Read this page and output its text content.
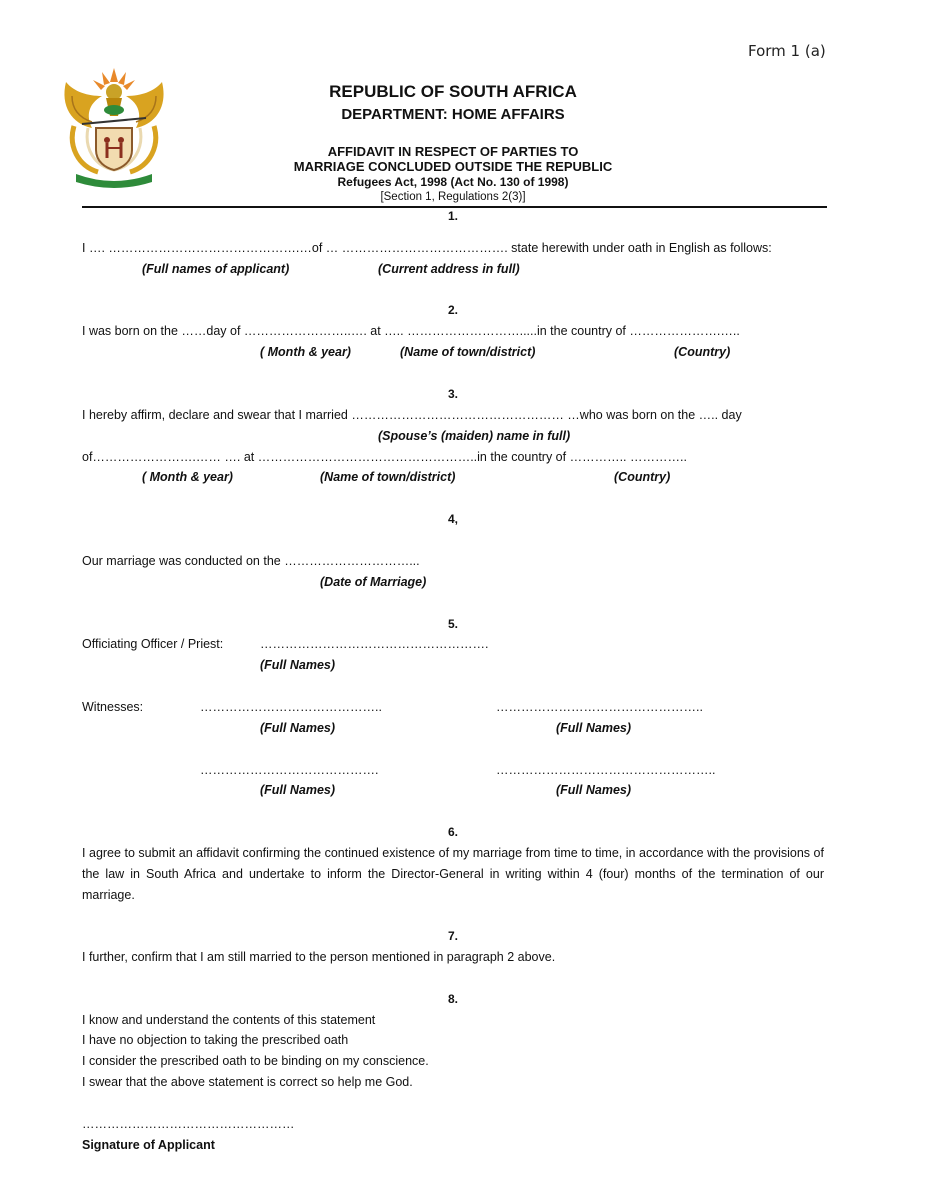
Form 1 (a)
REPUBLIC OF SOUTH AFRICA
DEPARTMENT: HOME AFFAIRS
AFFIDAVIT IN RESPECT OF PARTIES TO
MARRIAGE CONCLUDED OUTSIDE THE REPUBLIC
Refugees Act, 1998 (Act No. 130 of 1998)
[Section 1, Regulations 2(3)]
1.
I …. ……………………………………….…of … …………………………………. state herewith under oath in English as follows:
(Full names of applicant)	(Current address in full)
2.
I was born on the ……day of ……………………..…. at ….. ……………………….....in the country of ………………….…..
( Month & year)	(Name of town/district)	(Country)
3.
I hereby affirm, declare and swear that I married …………………………………………… …who was born on the ….. day
(Spouse’s (maiden) name in full)
of…………………….…… …. at ……………………………………………..in the country of ………….. …………..
( Month & year)	(Name of town/district)	(Country)
4,
Our marriage was conducted on the …………………………...
(Date of Marriage)
5.
Officiating Officer / Priest:	……………………………………………….
(Full Names)
Witnesses:	……………………………………..	…………………………………………..
(Full Names)	(Full Names)
…………………………………….	……………………………………………..
(Full Names)	(Full Names)
6.
I agree to submit an affidavit confirming the continued existence of my marriage from time to time, in accordance with the provisions of the law in South Africa and undertake to inform the Director-General in writing within 4 (four) months of the termination of our marriage.
7.
I further, confirm that I am still married to the person mentioned in paragraph 2 above.
8.
I know and understand the contents of this statement
I have no objection to taking the prescribed oath
I consider the prescribed oath to be binding on my conscience.
I swear that the above statement is correct so help me God.
……………………………………………
Signature of Applicant
